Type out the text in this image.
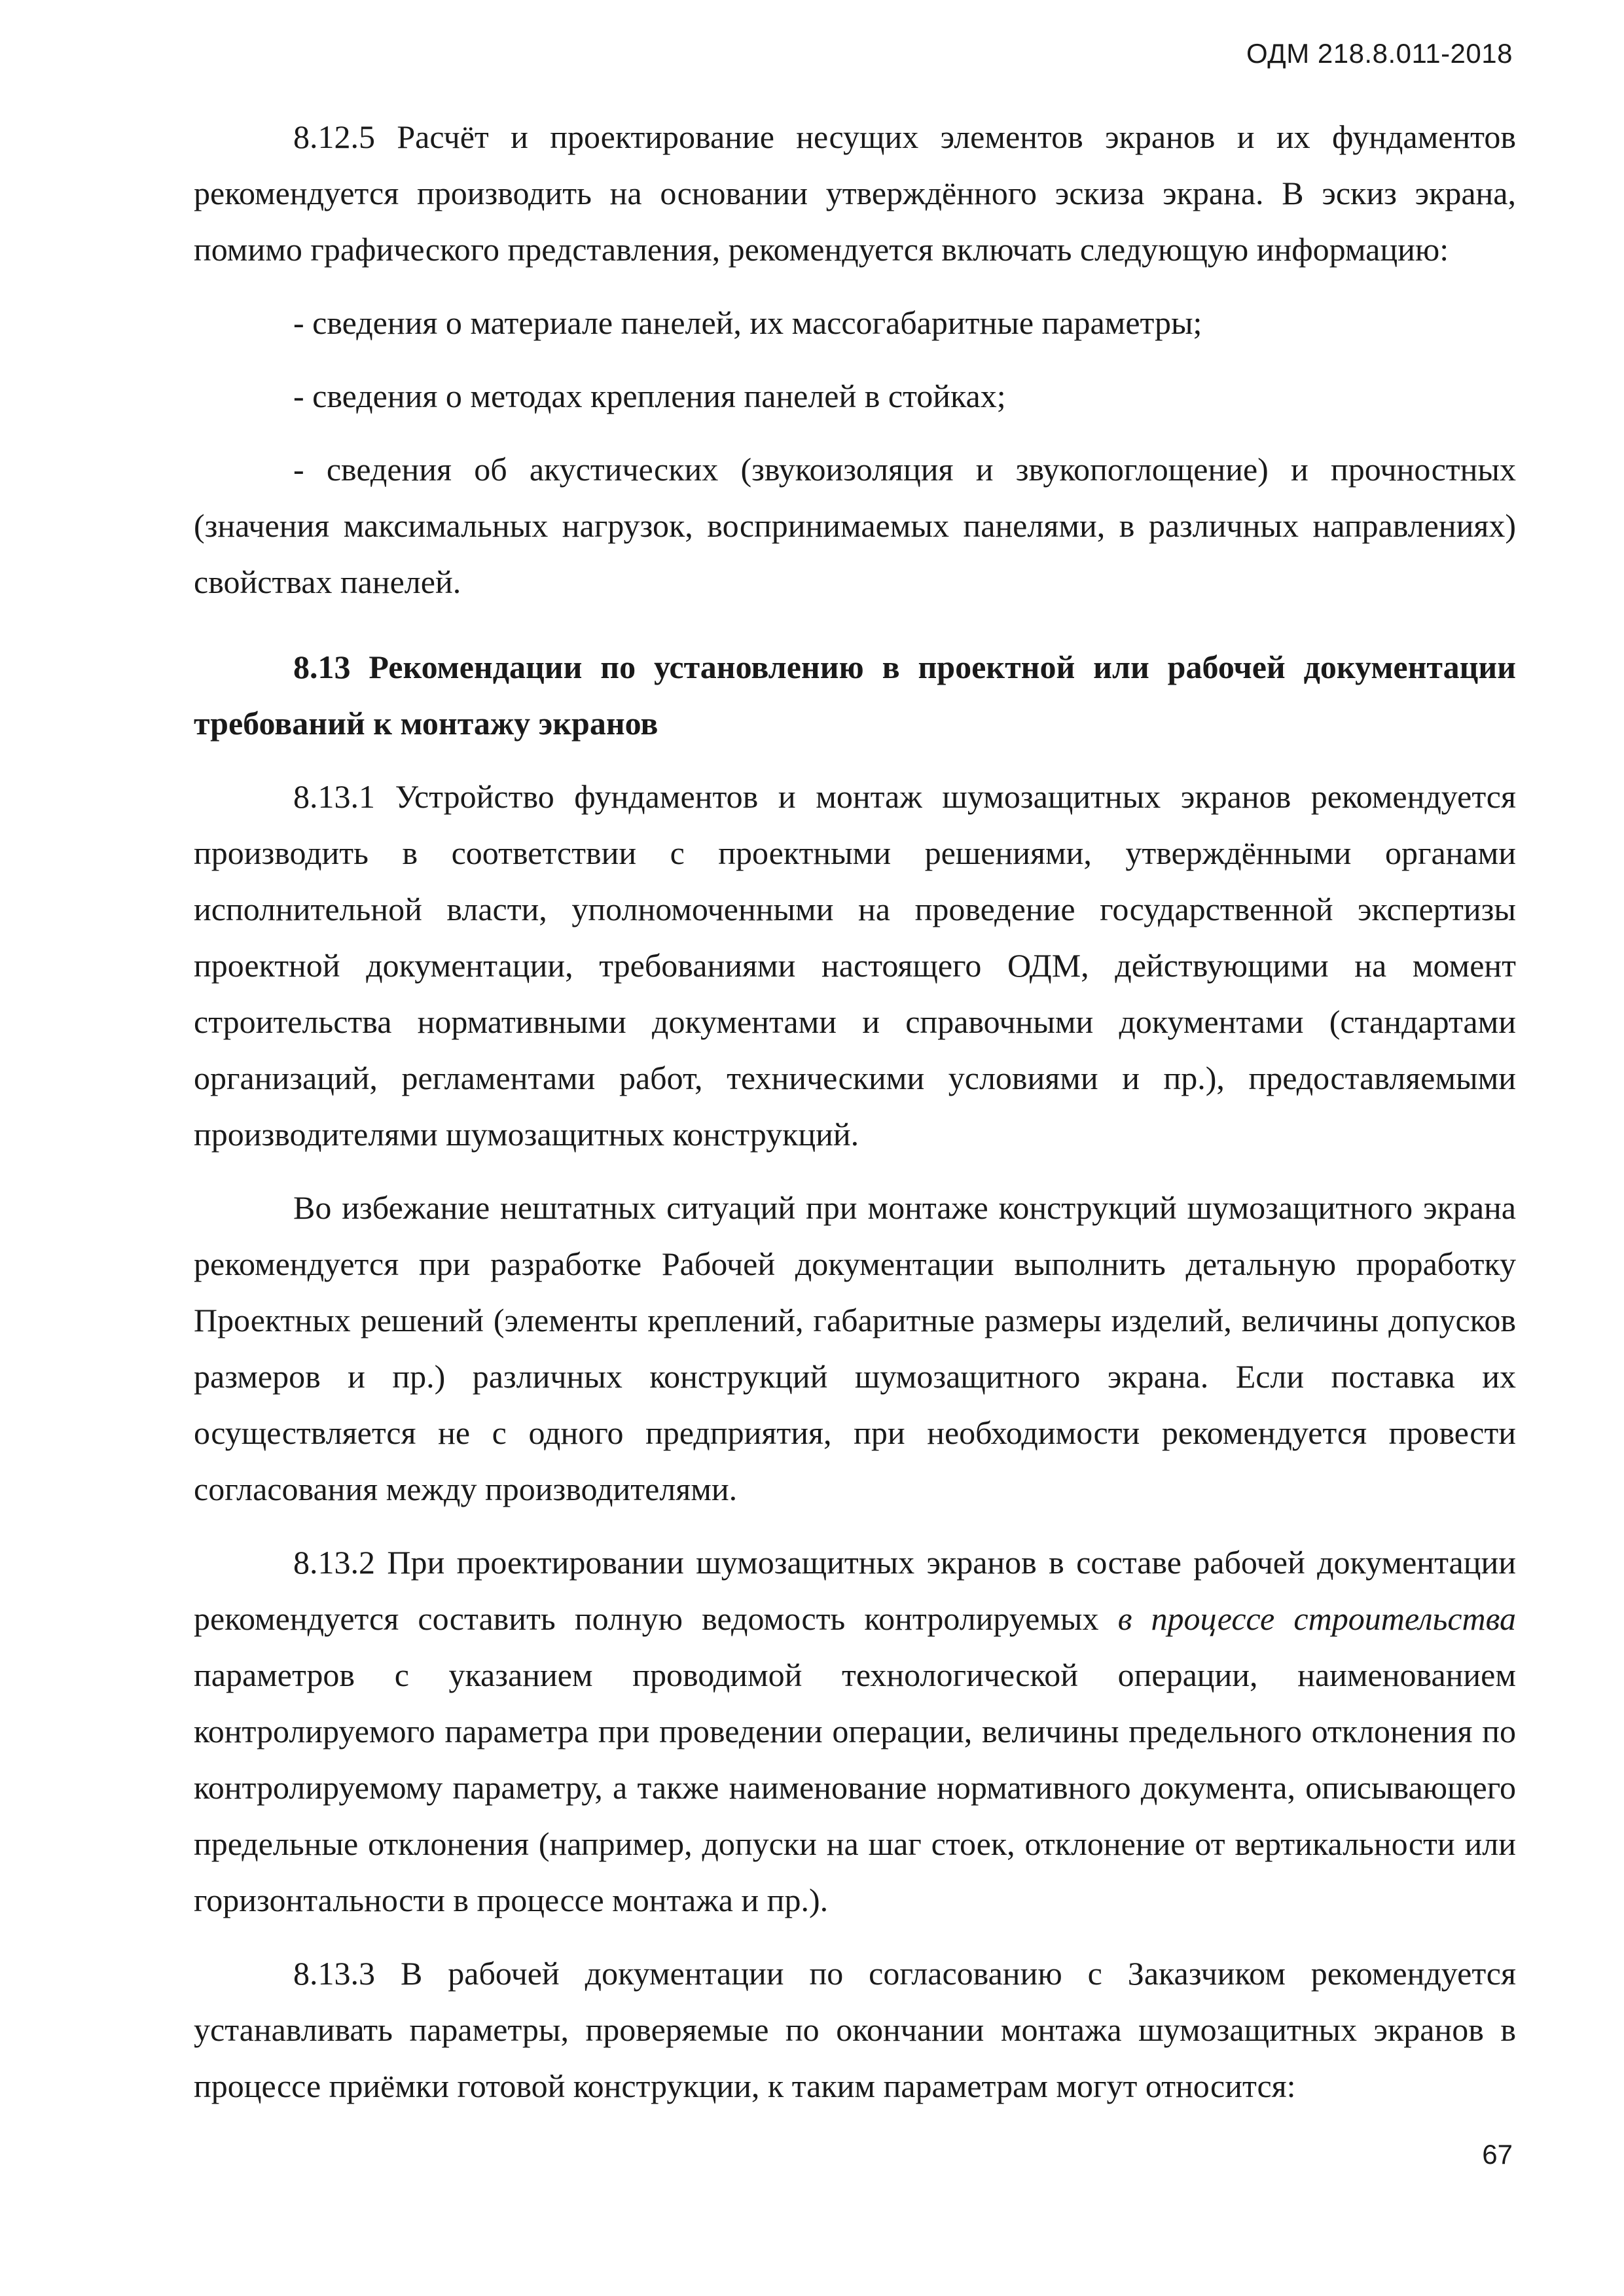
ОДМ 218.8.011-2018

8.12.5 Расчёт и проектирование несущих элементов экранов и их фундаментов рекомендуется производить на основании утверждённого эскиза экрана. В эскиз экрана, помимо графического представления, рекомендуется включать следующую информацию:

- сведения о материале панелей, их массогабаритные параметры;

- сведения о методах крепления панелей в стойках;

- сведения об акустических (звукоизоляция и звукопоглощение) и прочностных (значения максимальных нагрузок, воспринимаемых панелями, в различных направлениях) свойствах панелей.

8.13 Рекомендации по установлению в проектной или рабочей документации требований к монтажу экранов

8.13.1 Устройство фундаментов и монтаж шумозащитных экранов рекомендуется производить в соответствии с проектными решениями, утверждёнными органами исполнительной власти, уполномоченными на проведение государственной экспертизы проектной документации, требованиями настоящего ОДМ, действующими на момент строительства нормативными документами и справочными документами (стандартами организаций, регламентами работ, техническими условиями и пр.), предоставляемыми производителями шумозащитных конструкций.

Во избежание нештатных ситуаций при монтаже конструкций шумозащитного экрана рекомендуется при разработке Рабочей документации выполнить детальную проработку Проектных решений (элементы креплений, габаритные размеры изделий, величины допусков размеров и пр.) различных конструкций шумозащитного экрана. Если поставка их осуществляется не с одного предприятия, при необходимости рекомендуется провести согласования между производителями.

8.13.2 При проектировании шумозащитных экранов в составе рабочей документации рекомендуется составить полную ведомость контролируемых в процессе строительства параметров с указанием проводимой технологической операции, наименованием контролируемого параметра при проведении операции, величины предельного отклонения по контролируемому параметру, а также наименование нормативного документа, описывающего предельные отклонения (например, допуски на шаг стоек, отклонение от вертикальности или горизонтальности в процессе монтажа и пр.).

8.13.3 В рабочей документации по согласованию с Заказчиком рекомендуется устанавливать параметры, проверяемые по окончании монтажа шумозащитных экранов в процессе приёмки готовой конструкции, к таким параметрам могут относится:

67
